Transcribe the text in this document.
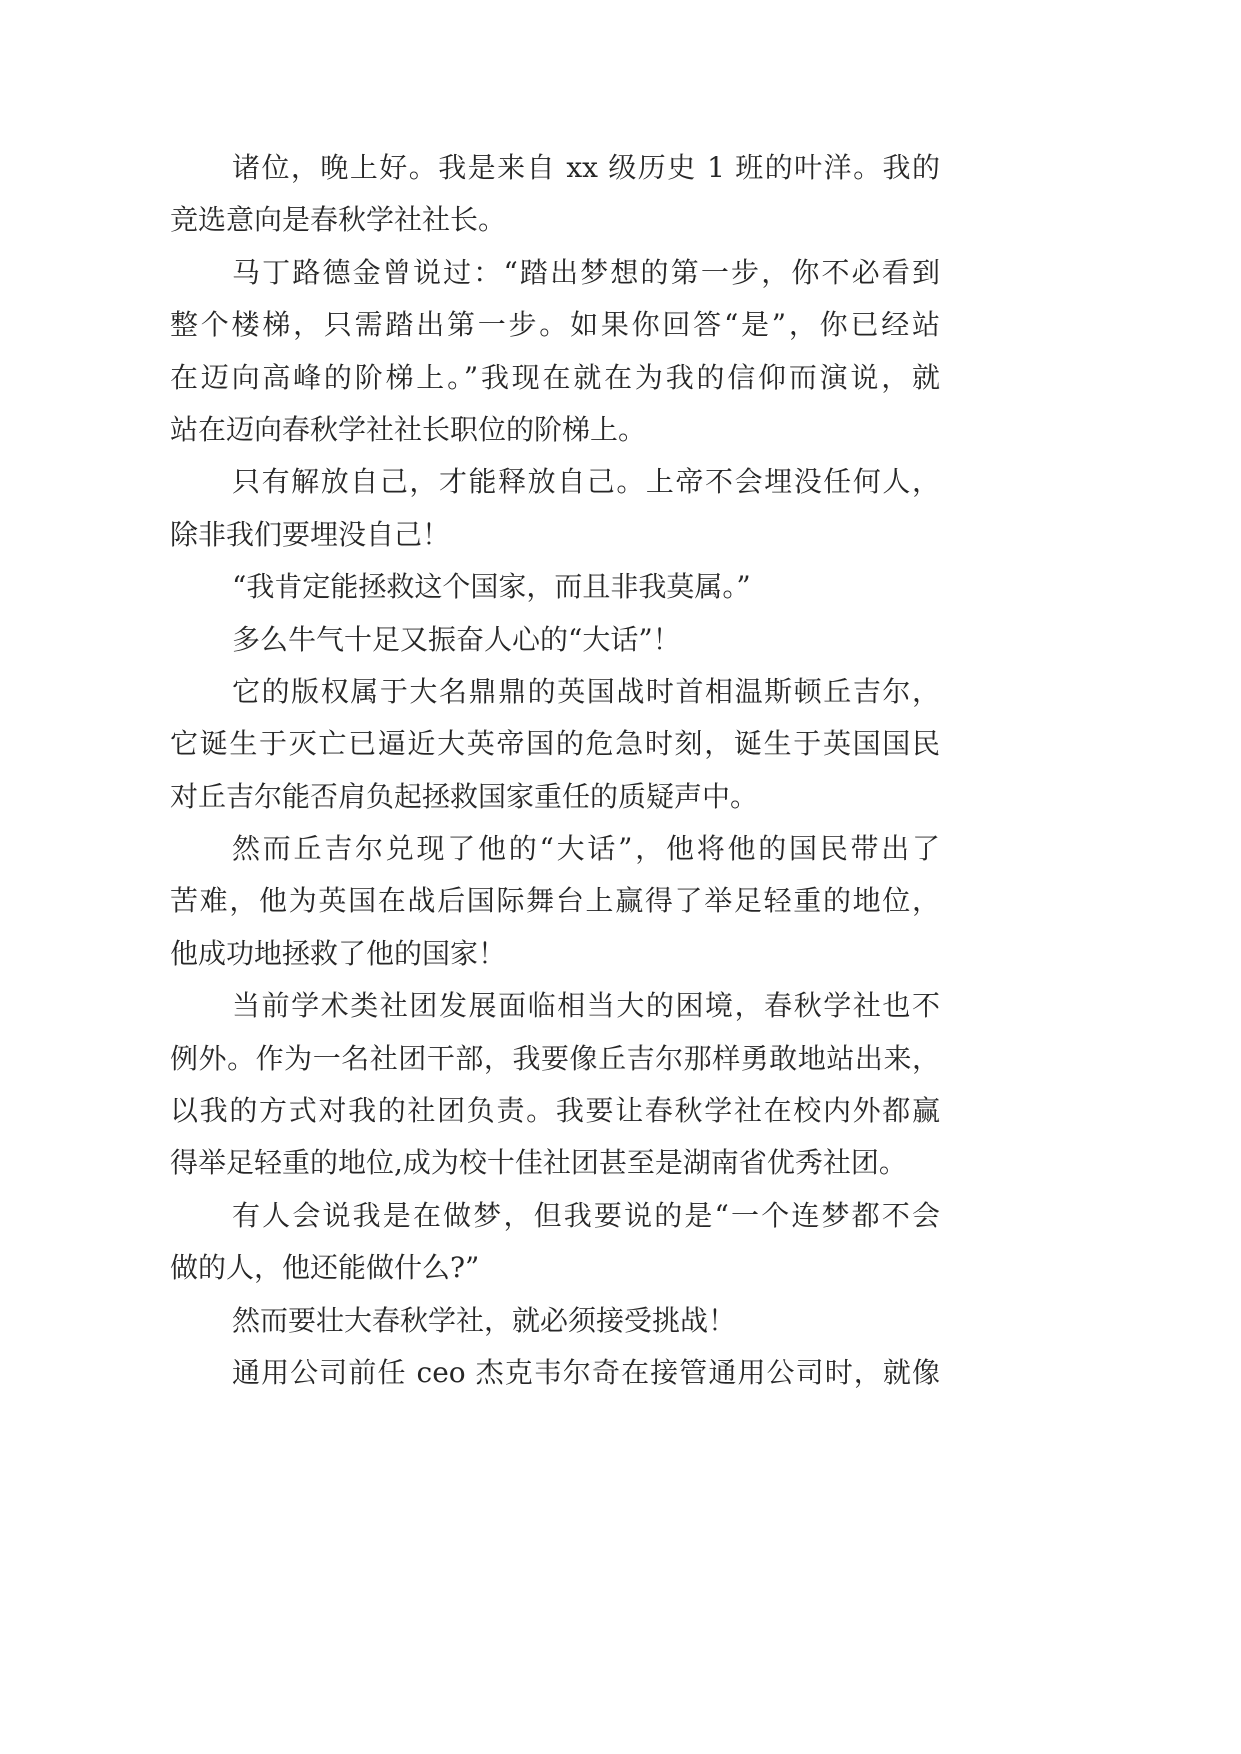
诸位，晚上好。我是来自 xx 级历史 1 班的叶洋。我的
竞选意向是春秋学社社长。
马丁路德金曾说过：“踏出梦想的第一步，你不必看到
整个楼梯，只需踏出第一步。如果你回答“是”，你已经站
在迈向高峰的阶梯上。”我现在就在为我的信仰而演说，就
站在迈向春秋学社社长职位的阶梯上。
只有解放自己，才能释放自己。上帝不会埋没任何人，
除非我们要埋没自己！
“我肯定能拯救这个国家，而且非我莫属。”
多么牛气十足又振奋人心的“大话”！
它的版权属于大名鼎鼎的英国战时首相温斯顿丘吉尔，
它诞生于灭亡已逼近大英帝国的危急时刻，诞生于英国国民
对丘吉尔能否肩负起拯救国家重任的质疑声中。
然而丘吉尔兑现了他的“大话”，他将他的国民带出了
苦难，他为英国在战后国际舞台上赢得了举足轻重的地位，
他成功地拯救了他的国家！
当前学术类社团发展面临相当大的困境，春秋学社也不
例外。作为一名社团干部，我要像丘吉尔那样勇敢地站出来，
以我的方式对我的社团负责。我要让春秋学社在校内外都赢
得举足轻重的地位,成为校十佳社团甚至是湖南省优秀社团。
有人会说我是在做梦，但我要说的是“一个连梦都不会
做的人，他还能做什么?”
然而要壮大春秋学社，就必须接受挑战！
通用公司前任 ceo 杰克韦尔奇在接管通用公司时，就像
